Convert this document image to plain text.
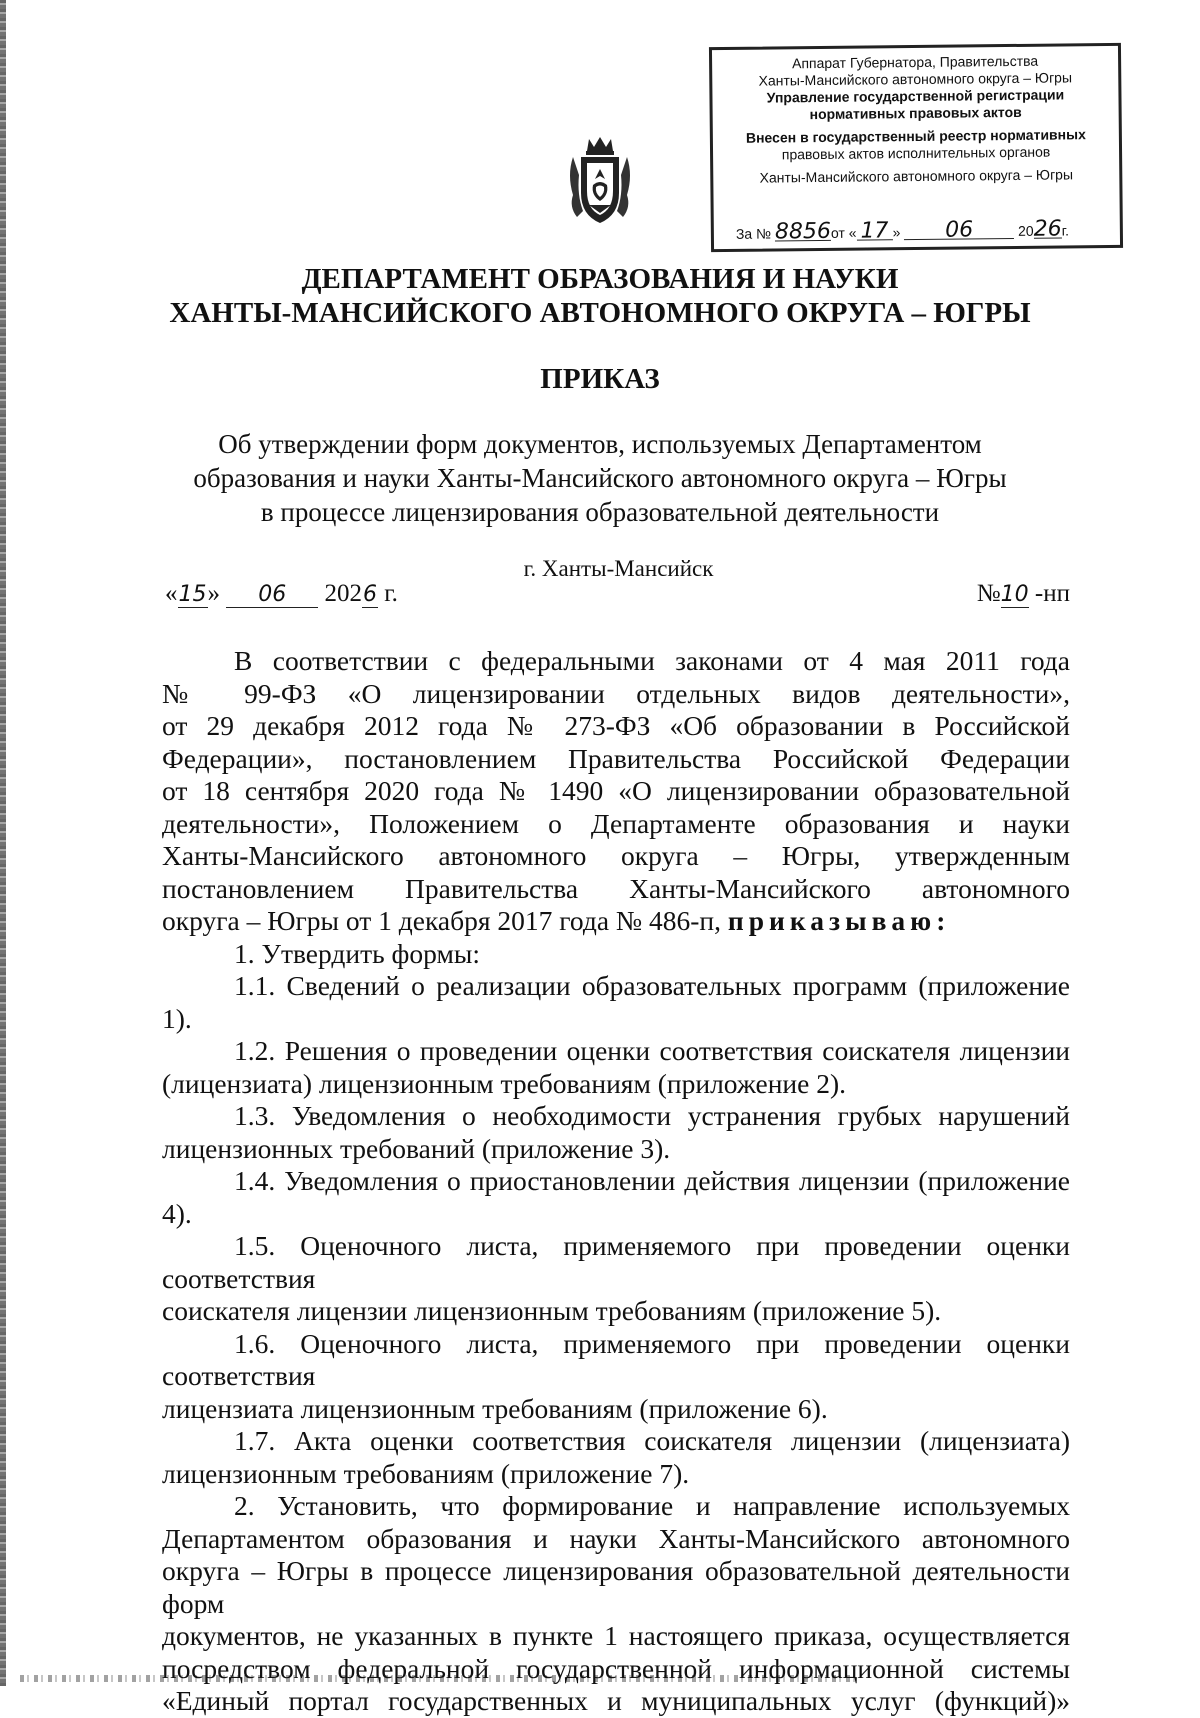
Аппарат Губернатора, Правительства
Ханты-Мансийского автономного округа – Югры
Управление государственной регистрации
нормативных правовых актов
Внесен в государственный реестр нормативных
правовых актов исполнительных органов
Ханты-Мансийского автономного округа – Югры
За № 8856от « 17 » 06	2026г.
ДЕПАРТАМЕНТ ОБРАЗОВАНИЯ И НАУКИ
ХАНТЫ-МАНСИЙСКОГО АВТОНОМНОГО ОКРУГА – ЮГРЫ
ПРИКАЗ
Об утверждении форм документов, используемых Департаментом
образования и науки Ханты-Мансийского автономного округа – Югры
в процессе лицензирования образовательной деятельности
г. Ханты-Мансийск
«15» 06 2026 г.	№10 -нп

В соответствии с федеральными законами от 4 мая 2011 года

№ 99-ФЗ «О лицензировании отдельных видов деятельности»,

от 29 декабря 2012 года № 273-ФЗ «Об образовании в Российской

Федерации», постановлением Правительства Российской Федерации

от 18 сентября 2020 года № 1490 «О лицензировании образовательной

деятельности», Положением о Департаменте образования и науки

Ханты-Мансийского автономного округа – Югры, утвержденным

постановлением Правительства Ханты-Мансийского автономного

округа – Югры от 1 декабря 2017 года № 486-п, приказываю:

1. Утвердить формы:

1.1. Сведений о реализации образовательных программ (приложение 1).

1.2. Решения о проведении оценки соответствия соискателя лицензии

(лицензиата) лицензионным требованиям (приложение 2).

1.3. Уведомления о необходимости устранения грубых нарушений

лицензионных требований (приложение 3).

1.4. Уведомления о приостановлении действия лицензии (приложение 4).

1.5. Оценочного листа, применяемого при проведении оценки соответствия

соискателя лицензии лицензионным требованиям (приложение 5).

1.6. Оценочного листа, применяемого при проведении оценки соответствия

лицензиата лицензионным требованиям (приложение 6).

1.7. Акта оценки соответствия соискателя лицензии (лицензиата)

лицензионным требованиям (приложение 7).

2. Установить, что формирование и направление используемых

Департаментом образования и науки Ханты-Мансийского автономного

округа – Югры в процессе лицензирования образовательной деятельности форм

документов, не указанных в пункте 1 настоящего приказа, осуществляется

посредством федеральной государственной информационной системы

«Единый портал государственных и муниципальных услуг (функций)»
